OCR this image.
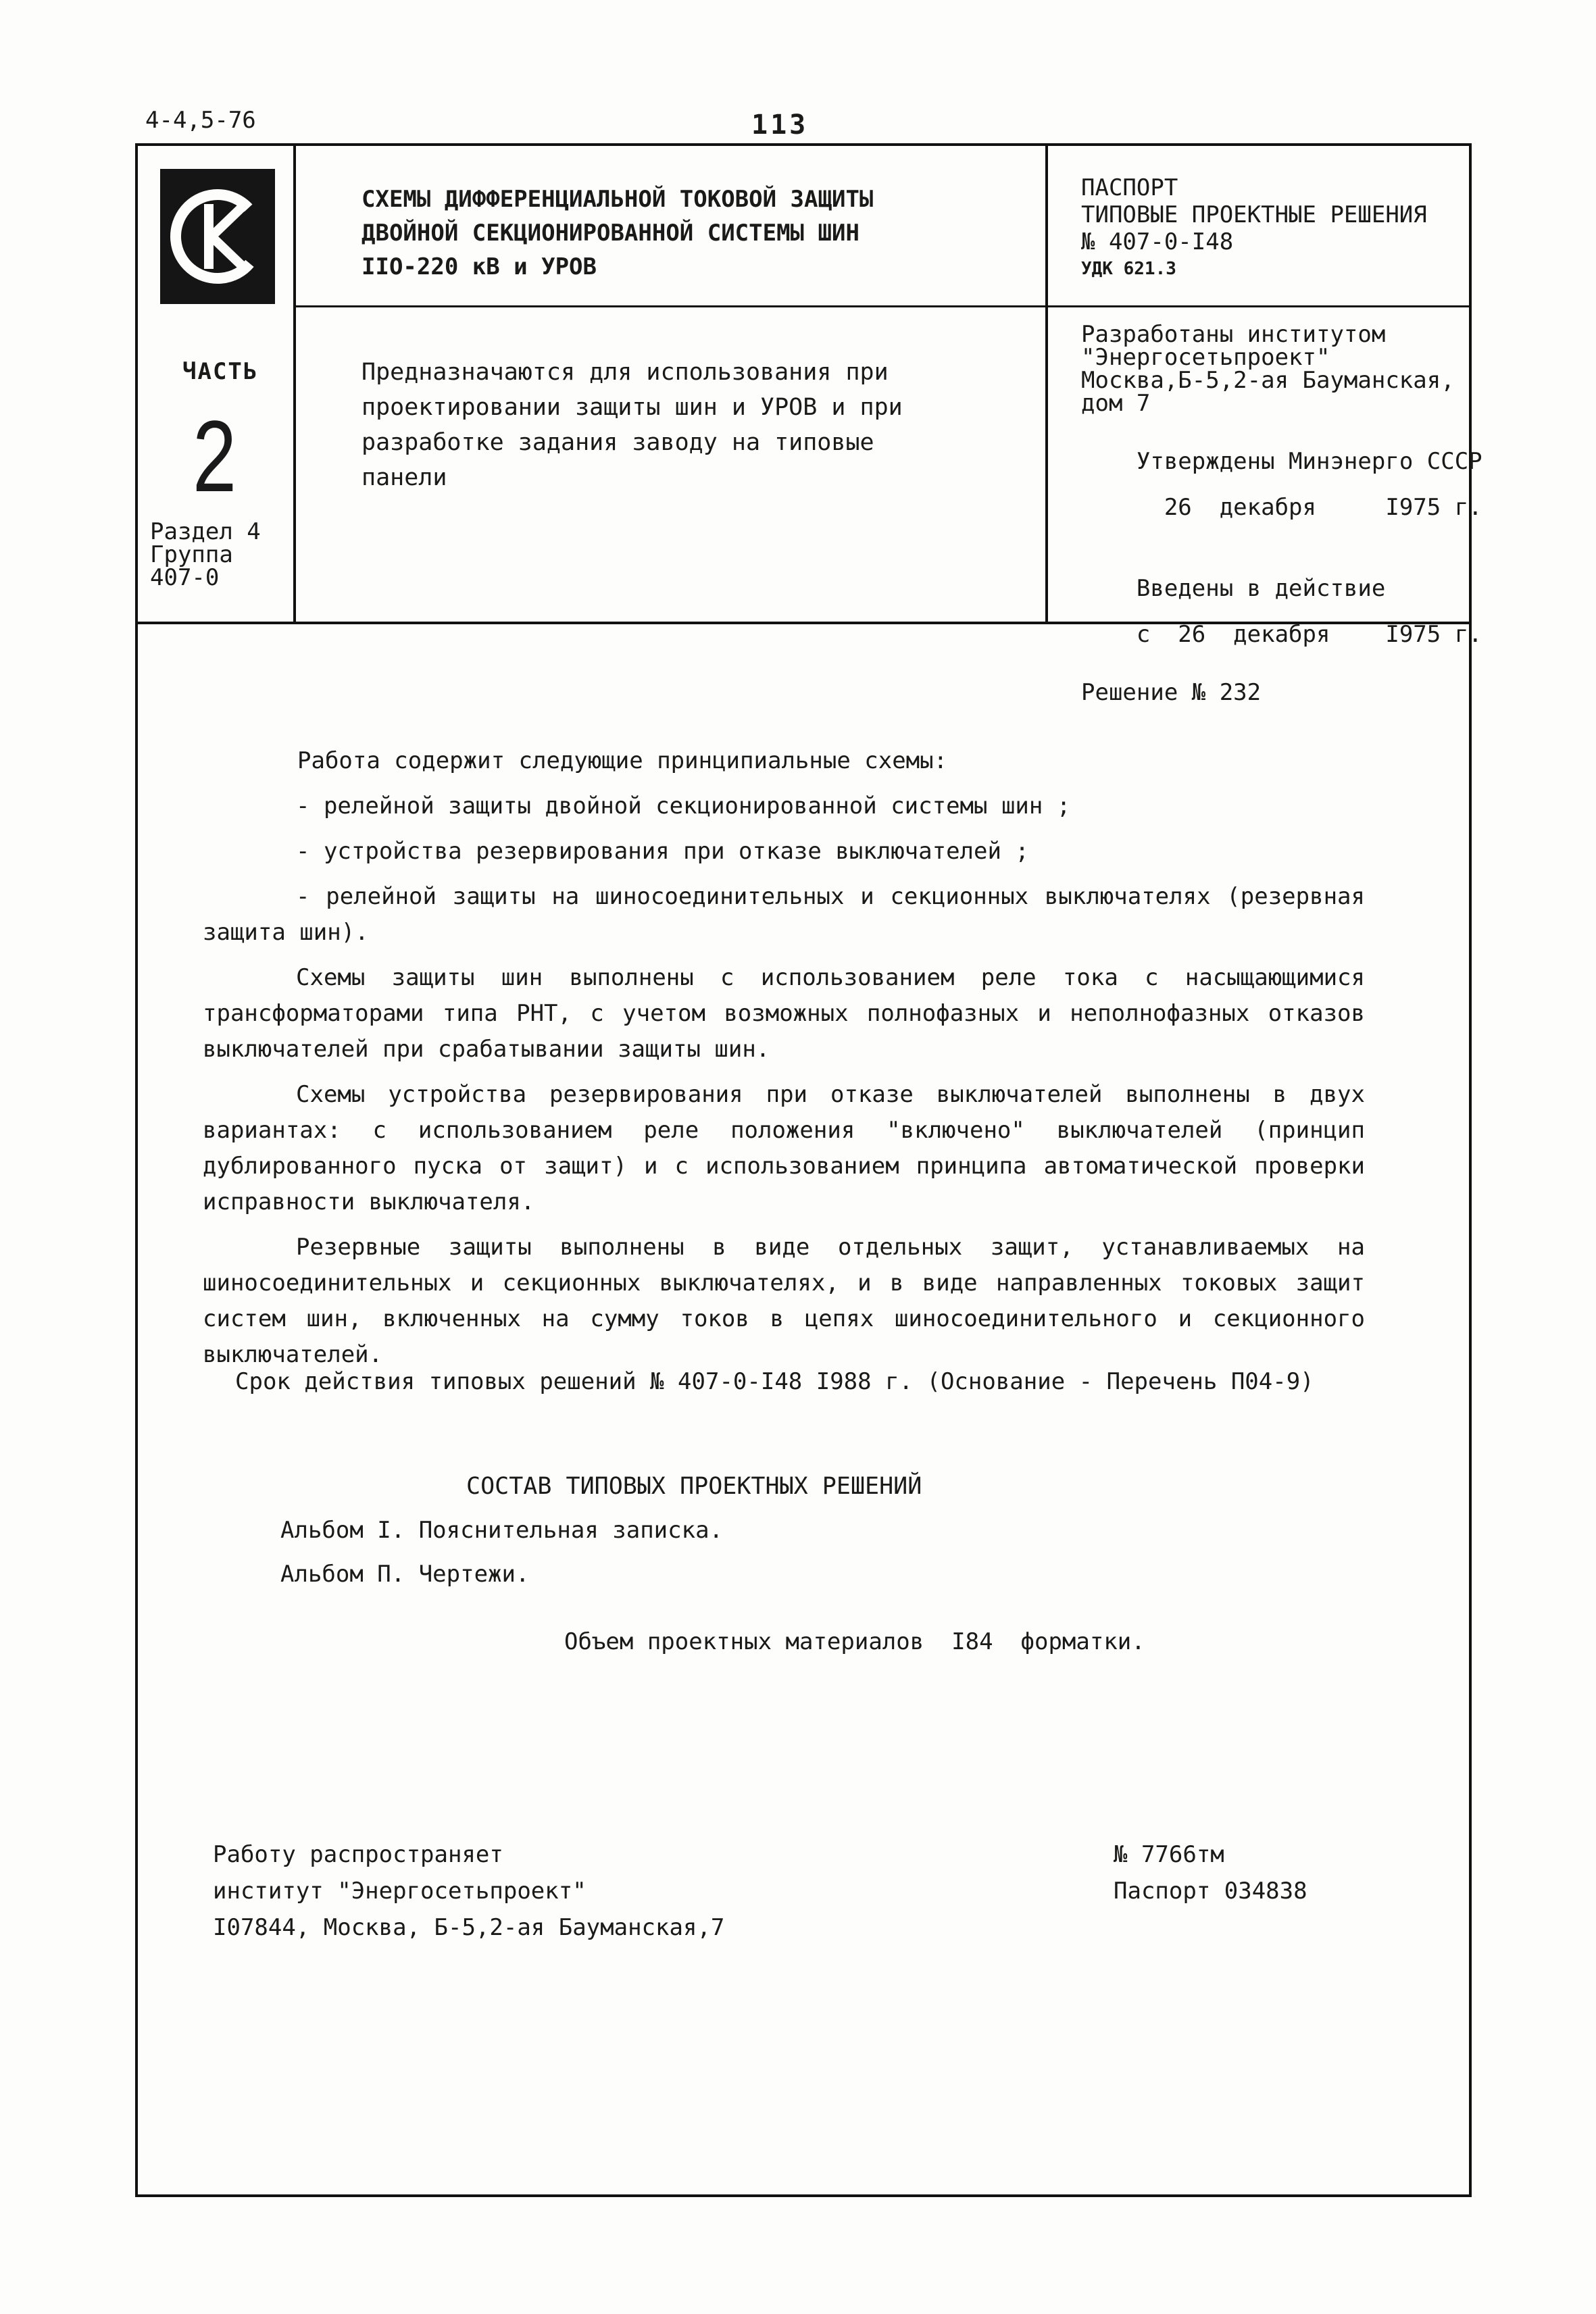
4-4,5-76	113
ЧАСТЬ
2
Раздел 4
Группа
407-0
СХЕМЫ ДИФФЕРЕНЦИАЛЬНОЙ ТОКОВОЙ ЗАЩИТЫ
ДВОЙНОЙ СЕКЦИОНИРОВАННОЙ СИСТЕМЫ ШИН
IIO-220 кВ и УРОВ
ПАСПОРТ
ТИПОВЫЕ ПРОЕКТНЫЕ РЕШЕНИЯ
№ 407-0-I48
УДК 621.3
Предназначаются для использования при
проектировании защиты шин и УРОВ и при
разработке задания заводу на типовые
панели

Разработаны институтом
"Энергосетьпроект"
Москва,Б-5,2-ая Бауманская,
дом 7

Утверждены Минэнерго СССР

26  декабря     I975 г.

Введены в действие

с  26  декабря    I975 г.

Решение № 232

Работа содержит следующие принципиальные схемы:

- релейной защиты двойной секционированной системы шин ;

- устройства резервирования при отказе выключателей ;

- релейной защиты на шиносоединительных и секционных выключателях (резервная защита шин).

Схемы защиты шин выполнены с использованием реле тока с насыщающимися трансформаторами типа РНТ, с учетом возможных полнофазных и неполнофазных отказов выключателей при срабатывании защиты шин.

Схемы устройства резервирования при отказе выключателей выполнены в двух вариантах: с использованием реле положения "включено" выключателей (принцип дублированного пуска от защит) и с использованием принципа автоматической проверки исправности выключателя.

Резервные защиты выполнены в виде отдельных защит, устанавливаемых на шиносоединительных и секционных выключателях, и в виде направленных токовых защит систем шин, включенных на сумму токов в цепях шиносоединительного и секционного выключателей.

Срок действия типовых решений № 407-0-I48 I988 г. (Основание - Перечень П04-9)
СОСТАВ ТИПОВЫХ ПРОЕКТНЫХ РЕШЕНИЙ
Альбом I. Пояснительная записка.
Альбом П. Чертежи.
Объем проектных материалов  I84  форматки.
Работу распространяет
институт "Энергосетьпроект"
I07844, Москва, Б-5,2-ая Бауманская,7
№ 7766тм
Паспорт 034838
